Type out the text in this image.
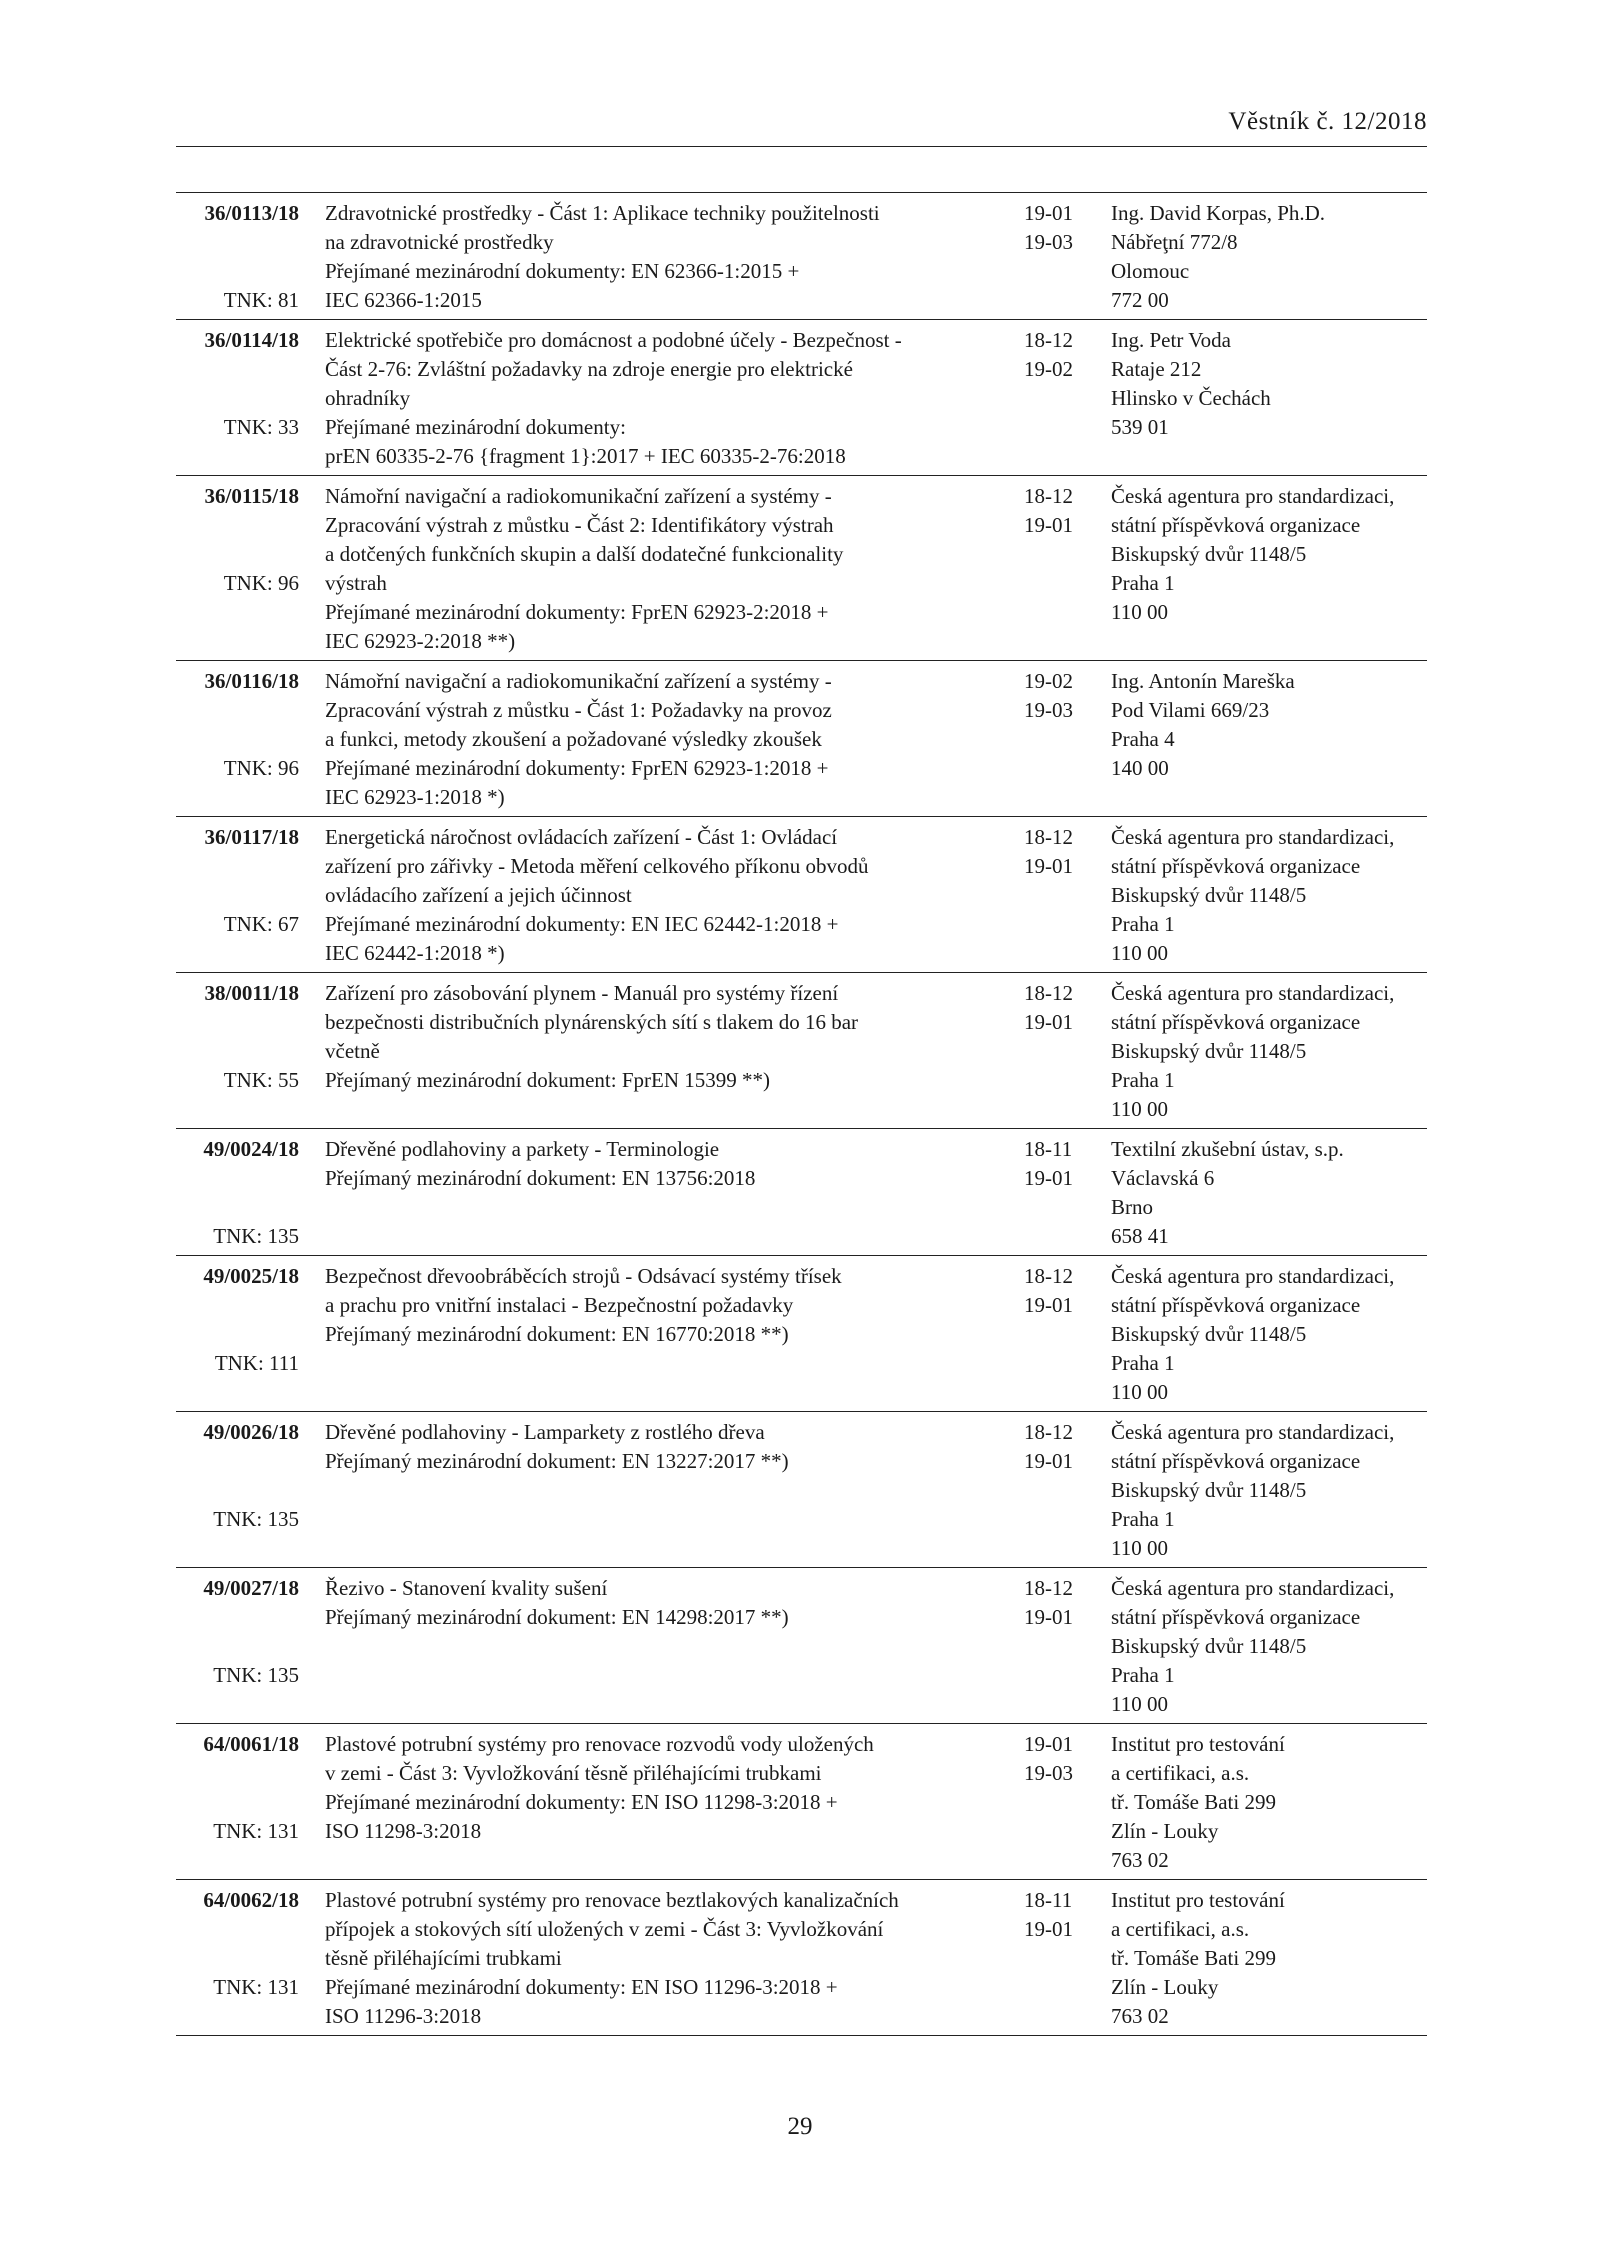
Věstník č. 12/2018
36/0113/18
TNK: 81
Zdravotnické prostředky - Část 1: Aplikace techniky použitelnosti
na zdravotnické prostředky
Přejímané mezinárodní dokumenty: EN 62366-1:2015 +
IEC 62366-1:2015
19-01
19-03
Ing. David Korpas, Ph.D.
Nábřeţní 772/8
Olomouc
772 00
36/0114/18
TNK: 33
Elektrické spotřebiče pro domácnost a podobné účely - Bezpečnost -
Část 2-76: Zvláštní požadavky na zdroje energie pro elektrické
ohradníky
Přejímané mezinárodní dokumenty:
prEN 60335-2-76 {fragment 1}:2017 + IEC 60335-2-76:2018
18-12
19-02
Ing. Petr Voda
Rataje 212
Hlinsko v Čechách
539 01
36/0115/18
TNK: 96
Námořní navigační a radiokomunikační zařízení a systémy -
Zpracování výstrah z můstku - Část 2: Identifikátory výstrah
a dotčených funkčních skupin a další dodatečné funkcionality
výstrah
Přejímané mezinárodní dokumenty: FprEN 62923-2:2018 +
IEC 62923-2:2018 **)
18-12
19-01
Česká agentura pro standardizaci,
státní příspěvková organizace
Biskupský dvůr 1148/5
Praha 1
110 00
36/0116/18
TNK: 96
Námořní navigační a radiokomunikační zařízení a systémy -
Zpracování výstrah z můstku - Část 1: Požadavky na provoz
a funkci, metody zkoušení a požadované výsledky zkoušek
Přejímané mezinárodní dokumenty: FprEN 62923-1:2018 +
IEC 62923-1:2018 *)
19-02
19-03
Ing. Antonín Mareška
Pod Vilami 669/23
Praha 4
140 00
36/0117/18
TNK: 67
Energetická náročnost ovládacích zařízení - Část 1: Ovládací
zařízení pro zářivky - Metoda měření celkového příkonu obvodů
ovládacího zařízení a jejich účinnost
Přejímané mezinárodní dokumenty: EN IEC 62442-1:2018 +
IEC 62442-1:2018 *)
18-12
19-01
Česká agentura pro standardizaci,
státní příspěvková organizace
Biskupský dvůr 1148/5
Praha 1
110 00
38/0011/18
TNK: 55
Zařízení pro zásobování plynem - Manuál pro systémy řízení
bezpečnosti distribučních plynárenských sítí s tlakem do 16 bar
včetně
Přejímaný mezinárodní dokument: FprEN 15399 **)
18-12
19-01
Česká agentura pro standardizaci,
státní příspěvková organizace
Biskupský dvůr 1148/5
Praha 1
110 00
49/0024/18
TNK: 135
Dřevěné podlahoviny a parkety - Terminologie
Přejímaný mezinárodní dokument: EN 13756:2018
18-11
19-01
Textilní zkušební ústav, s.p.
Václavská 6
Brno
658 41
49/0025/18
TNK: 111
Bezpečnost dřevoobráběcích strojů - Odsávací systémy třísek
a prachu pro vnitřní instalaci - Bezpečnostní požadavky
Přejímaný mezinárodní dokument: EN 16770:2018 **)
18-12
19-01
Česká agentura pro standardizaci,
státní příspěvková organizace
Biskupský dvůr 1148/5
Praha 1
110 00
49/0026/18
TNK: 135
Dřevěné podlahoviny - Lamparkety z rostlého dřeva
Přejímaný mezinárodní dokument: EN 13227:2017 **)
18-12
19-01
Česká agentura pro standardizaci,
státní příspěvková organizace
Biskupský dvůr 1148/5
Praha 1
110 00
49/0027/18
TNK: 135
Řezivo - Stanovení kvality sušení
Přejímaný mezinárodní dokument: EN 14298:2017 **)
18-12
19-01
Česká agentura pro standardizaci,
státní příspěvková organizace
Biskupský dvůr 1148/5
Praha 1
110 00
64/0061/18
TNK: 131
Plastové potrubní systémy pro renovace rozvodů vody uložených
v zemi - Část 3: Vyvložkování těsně přiléhajícími trubkami
Přejímané mezinárodní dokumenty: EN ISO 11298-3:2018 +
ISO 11298-3:2018
19-01
19-03
Institut pro testování
a certifikaci, a.s.
tř. Tomáše Bati 299
Zlín - Louky
763 02
64/0062/18
TNK: 131
Plastové potrubní systémy pro renovace beztlakových kanalizačních
přípojek a stokových sítí uložených v zemi - Část 3: Vyvložkování
těsně přiléhajícími trubkami
Přejímané mezinárodní dokumenty: EN ISO 11296-3:2018 +
ISO 11296-3:2018
18-11
19-01
Institut pro testování
a certifikaci, a.s.
tř. Tomáše Bati 299
Zlín - Louky
763 02
29
